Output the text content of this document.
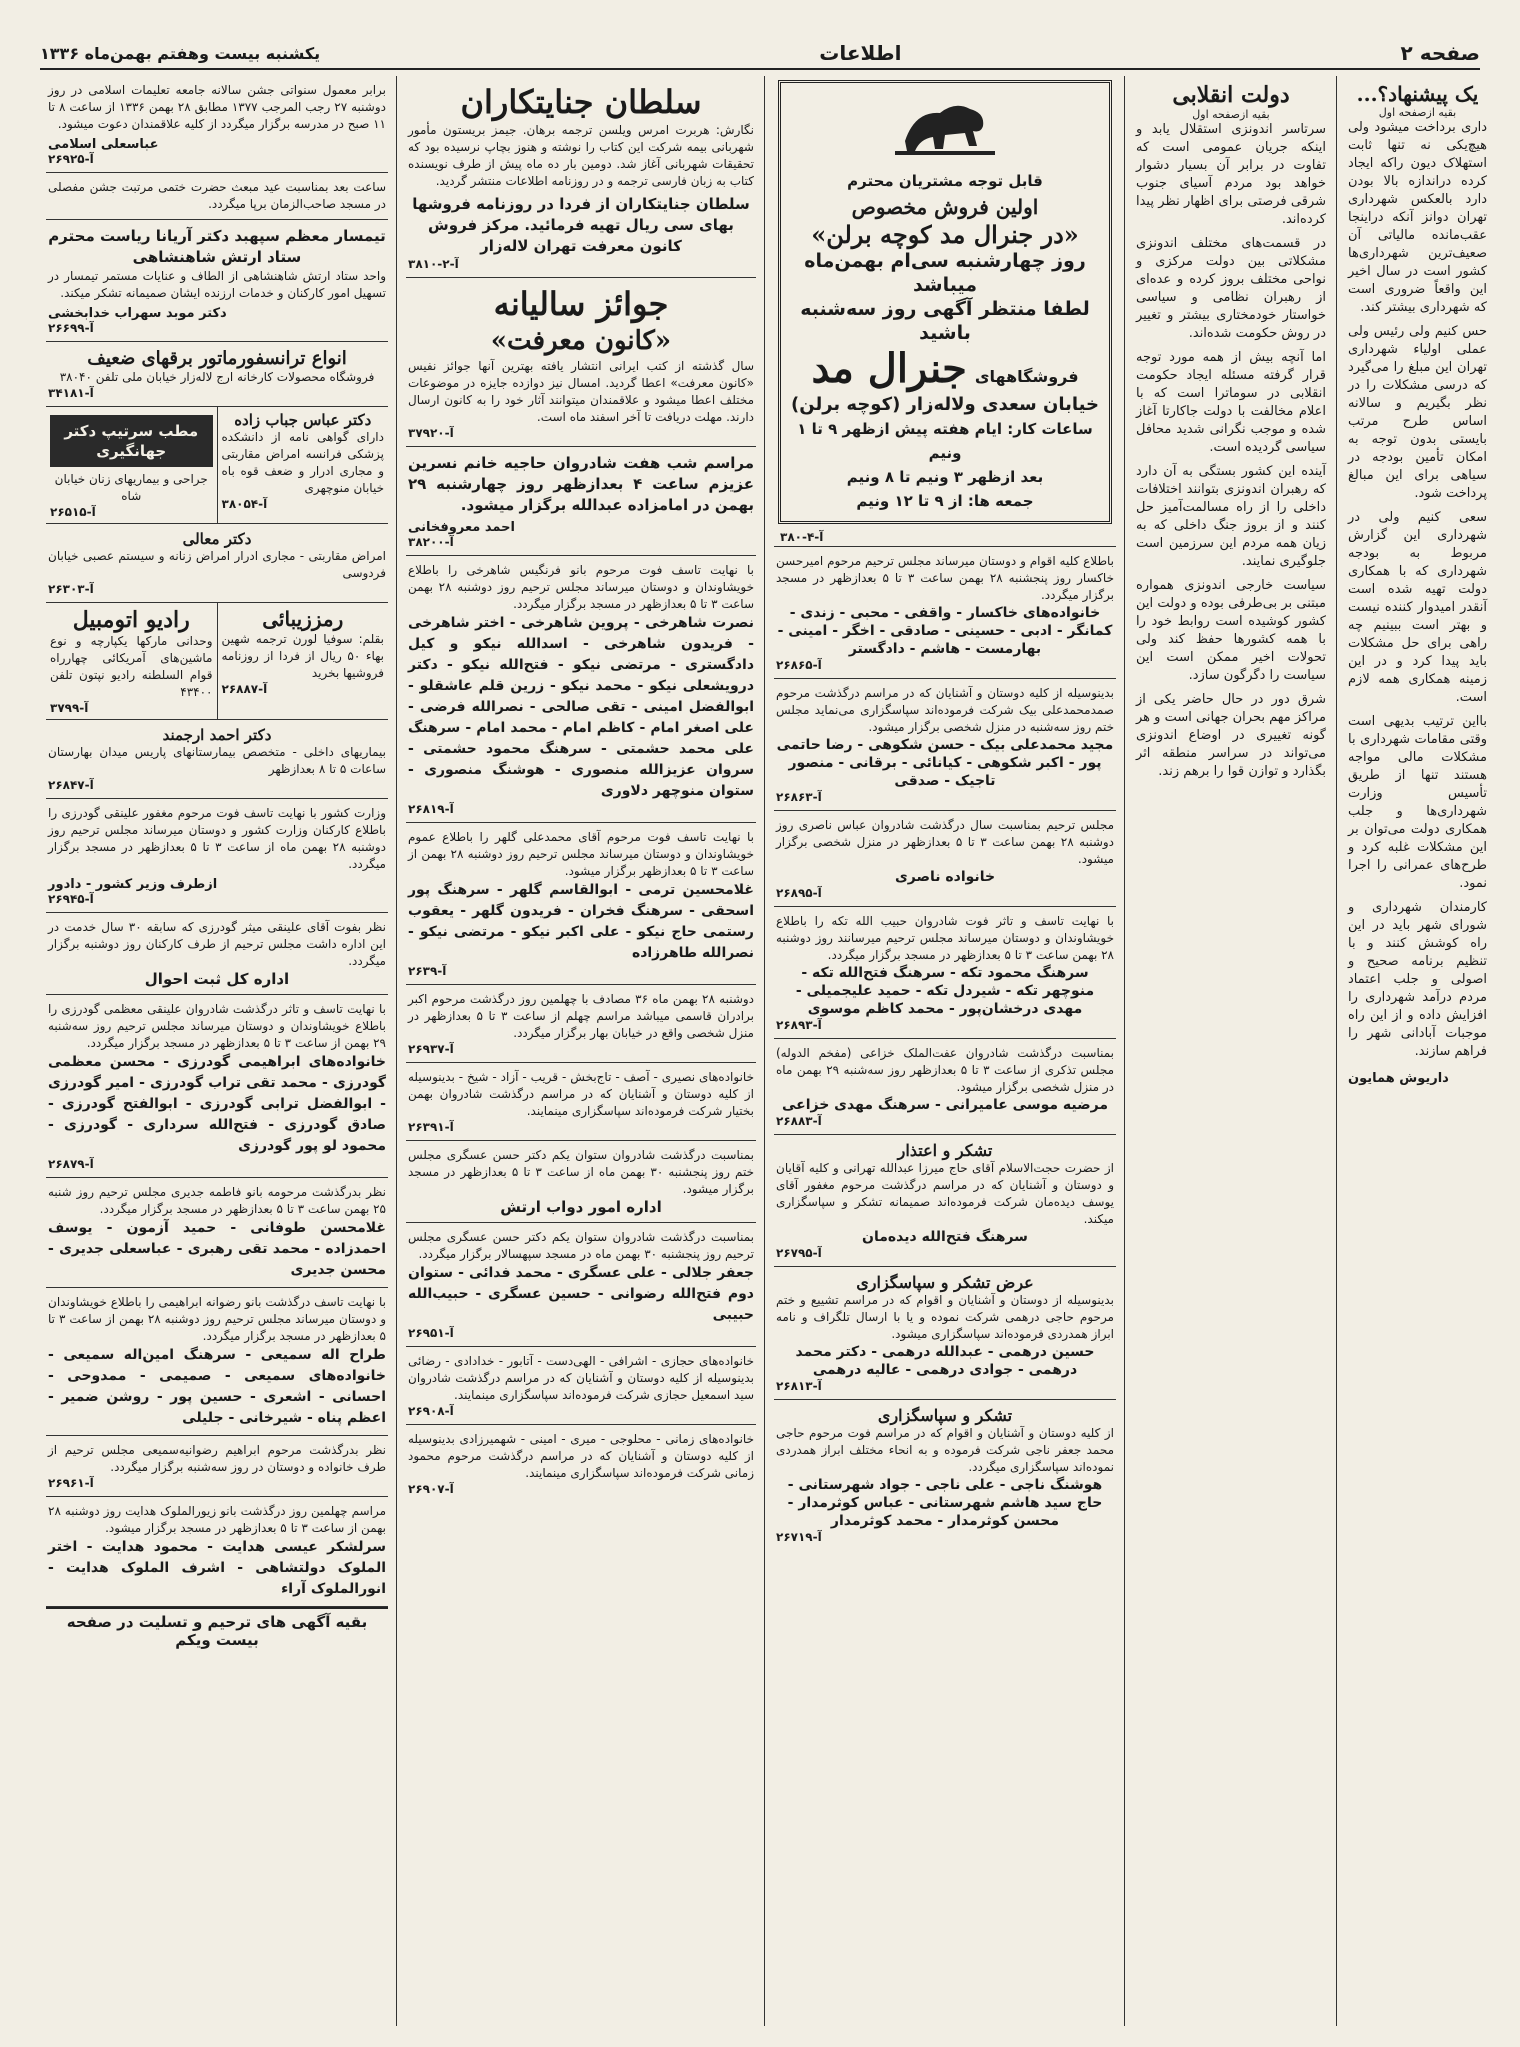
صفحه ۲
اطلاعات
یکشنبه بیست وهفتم بهمن‌ماه ۱۳۳۶
یک پیشنهاد؟...
بقیه ازصفحه اول
داری برداخت میشود ولی هیچ‌یکی نه تنها ثابت استهلاک دیون راکه ایجاد کرده دراندازه بالا بودن دارد بالعکس شهرداری تهران دوانز آنکه دراینجا عقب‌مانده مالیاتی آن صعیف‌ترین شهرداری‌ها کشور است در سال اخیر این واقعاً ضروری است که شهرداری بیشتر کند.
حس کنیم ولی رئیس ولی عملی اولیاء شهرداری تهران این مبلغ را می‌گیرد که درسی مشکلات را در نظر بگیریم و سالانه اساس طرح مرتب بایستی بدون توجه به امکان تأمین بودجه در سیاهی برای این مبالغ پرداخت شود.
سعی کنیم ولی در شهرداری این گزارش مربوط به بودجه شهرداری که با همکاری دولت تهیه شده است آنقدر امیدوار کننده نیست و بهتر است ببینیم چه راهی برای حل مشکلات باید پیدا کرد و در این زمینه همکاری همه لازم است.
بااین ترتیب بدیهی است وقتی مقامات شهرداری با مشکلات مالی مواجه هستند تنها از طریق تأسیس وزارت شهرداری‌ها و جلب همکاری دولت می‌توان بر این مشکلات غلبه کرد و طرح‌های عمرانی را اجرا نمود.
کارمندان شهرداری و شورای شهر باید در این راه کوشش کنند و با تنظیم برنامه صحیح و اصولی و جلب اعتماد مردم درآمد شهرداری را افزایش داده و از این راه موجبات آبادانی شهر را فراهم سازند.
داریوش همایون
دولت انقلابی
بقیه ازصفحه اول
سرتاسر اندونزی استقلال یابد و اینکه جریان عمومی است که تفاوت در برابر آن بسیار دشوار خواهد بود مردم آسیای جنوب شرقی فرصتی برای اظهار نظر پیدا کرده‌اند.
در قسمت‌های مختلف اندونزی مشکلاتی بین دولت مرکزی و نواحی مختلف بروز کرده و عده‌ای از رهبران نظامی و سیاسی خواستار خودمختاری بیشتر و تغییر در روش حکومت شده‌اند.
اما آنچه بیش از همه مورد توجه قرار گرفته مسئله ایجاد حکومت انقلابی در سوماترا است که با اعلام مخالفت با دولت جاکارتا آغاز شده و موجب نگرانی شدید محافل سیاسی گردیده است.
آینده این کشور بستگی به آن دارد که رهبران اندونزی بتوانند اختلافات داخلی را از راه مسالمت‌آمیز حل کنند و از بروز جنگ داخلی که به زیان همه مردم این سرزمین است جلوگیری نمایند.
سیاست خارجی اندونزی همواره مبتنی بر بی‌طرفی بوده و دولت این کشور کوشیده است روابط خود را با همه کشورها حفظ کند ولی تحولات اخیر ممکن است این سیاست را دگرگون سازد.
شرق دور در حال حاضر یکی از مراکز مهم بحران جهانی است و هر گونه تغییری در اوضاع اندونزی می‌تواند در سراسر منطقه اثر بگذارد و توازن قوا را برهم زند.
قابل توجه مشتریان محترم
اولین فروش مخصوص
«در جنرال مد کوچه برلن»
روز چهارشنبه سی‌ام بهمن‌ماه میباشد
لطفا منتظر آگهی روز سه‌شنبه باشید
فروشگاههای
جنرال مد
خیابان سعدی ولاله‌زار (کوچه برلن)
ساعات کار: ایام هفته پیش ازظهر ۹ تا ۱ ونیم
بعد ازظهر ۳ ونیم تا ۸ ونیم
جمعه ها: از ۹ تا ۱۲ ونیم
آ-۴-۳۸۰
باطلاع کلیه اقوام و دوستان میرساند مجلس ترحیم مرحوم امیرحسن خاکسار روز پنجشنبه ۲۸ بهمن ساعت ۳ تا ۵ بعدازظهر در مسجد برگزار میگردد.
خانواده‌های خاکسار - واقفی - محبی - زندی - کمانگر - ادبی - حسینی - صادقی - اخگر - امینی - بهارمست - هاشم - دادگستر
آ-۲۶۸۶۵
بدینوسیله از کلیه دوستان و آشنایان که در مراسم درگذشت مرحوم صمدمحمدعلی بیک شرکت فرموده‌اند سپاسگزاری می‌نماید مجلس ختم روز سه‌شنبه در منزل شخصی برگزار میشود.
مجید محمدعلی بیک - حسن شکوهی - رضا حاتمی پور - اکبر شکوهی - کیانائی - برقانی - منصور تاجیک - صدقی
آ-۲۶۸۶۳
مجلس ترحیم بمناسبت سال درگذشت شادروان عباس ناصری روز دوشنبه ۲۸ بهمن ساعت ۳ تا ۵ بعدازظهر در منزل شخصی برگزار میشود.
خانواده ناصری
آ-۲۶۸۹۵
با نهایت تاسف و تاثر فوت شادروان حبیب الله تکه را باطلاع خویشاوندان و دوستان میرساند مجلس ترحیم میرسانند روز دوشنبه ۲۸ بهمن ساعت ۳ تا ۵ بعدازظهر در مسجد برگزار میگردد.
سرهنگ محمود تکه - سرهنگ فتح‌الله تکه - منوچهر تکه - شیردل تکه - حمید علیجمیلی - مهدی درخشان‌پور - محمد کاظم موسوی
آ-۲۶۸۹۳
بمناسبت درگذشت شادروان عفت‌الملک خزاعی (مفخم الدوله) مجلس تذکری از ساعت ۳ تا ۵ بعدازظهر روز سه‌شنبه ۲۹ بهمن ماه در منزل شخصی برگزار میشود.
مرضیه موسی عامیرانی - سرهنگ مهدی خزاعی
آ-۲۶۸۸۳
تشکر و اعتذار
از حضرت حجت‌الاسلام آقای حاج میرزا عبدالله تهرانی و کلیه آقایان و دوستان و آشنایان که در مراسم درگذشت مرحوم مغفور آقای یوسف دیده‌مان شرکت فرموده‌اند صمیمانه تشکر و سپاسگزاری میکند.
سرهنگ فتح‌الله دیده‌مان
آ-۲۶۷۹۵
عرض تشکر و سپاسگزاری
بدینوسیله از دوستان و آشنایان و اقوام که در مراسم تشییع و ختم مرحوم حاجی درهمی شرکت نموده و یا با ارسال تلگراف و نامه ابراز همدردی فرموده‌اند سپاسگزاری میشود.
حسین درهمی - عبدالله درهمی - دکتر محمد درهمی - جوادی درهمی - عالیه درهمی
آ-۲۶۸۱۳
تشکر و سپاسگزاری
از کلیه دوستان و آشنایان و اقوام که در مراسم فوت مرحوم حاجی محمد جعفر ناجی شرکت فرموده و به انحاء مختلف ابراز همدردی نموده‌اند سپاسگزاری میگردد.
هوشنگ ناجی - علی ناجی - جواد شهرستانی - حاج سید هاشم شهرستانی - عباس کوثرمدار - محسن کوثرمدار - محمد کوثرمدار
آ-۲۶۷۱۹
سلطان جنایتکاران
نگارش: هربرت امرس ویلسن ترجمه برهان. جیمز بریستون مأمور شهربانی بیمه شرکت این کتاب را نوشته و هنوز بچاپ نرسیده بود که تحقیقات شهربانی آغاز شد. دومین بار ده ماه پیش از طرف نویسنده کتاب به زبان فارسی ترجمه و در روزنامه اطلاعات منتشر گردید.
سلطان جنایتکاران از فردا در روزنامه فروشها بهای سی ریال تهیه فرمائید. مرکز فروش کانون معرفت تهران لاله‌زار
آ-۲-۳۸۱۰
جوائز سالیانه
«کانون معرفت»
سال گذشته از کتب ایرانی انتشار یافته بهترین آنها جوائز نفیس «کانون معرفت» اعطا گردید. امسال نیز دوازده جایزه در موضوعات مختلف اعطا میشود و علاقمندان میتوانند آثار خود را به کانون ارسال دارند. مهلت دریافت تا آخر اسفند ماه است.
آ-۳۷۹۲۰
مراسم شب هفت شادروان حاجیه خانم نسرین عزیزم ساعت ۴ بعدازظهر روز چهارشنبه ۲۹ بهمن در امامزاده عبدالله برگزار میشود.
احمد معروفخانی
آ-۳۸۲۰۰
با نهایت تاسف فوت مرحوم بانو فرنگیس شاهرخی را باطلاع خویشاوندان و دوستان میرساند مجلس ترحیم روز دوشنبه ۲۸ بهمن ساعت ۳ تا ۵ بعدازظهر در مسجد برگزار میگردد.
نصرت شاهرخی - پروین شاهرخی - اختر شاهرخی - فریدون شاهرخی - اسدالله نیکو و کیل دادگستری - مرتضی نیکو - فتح‌الله نیکو - دکتر درویشعلی نیکو - محمد نیکو - زرین قلم عاشقلو - ابوالفضل امینی - تقی صالحی - نصرالله فرضی - علی اصغر امام - کاظم امام - محمد امام - سرهنگ علی محمد حشمتی - سرهنگ محمود حشمتی - سروان عزیزالله منصوری - هوشنگ منصوری - ستوان منوچهر دلاوری
آ-۲۶۸۱۹
با نهایت تاسف فوت مرحوم آقای محمدعلی گلهر را باطلاع عموم خویشاوندان و دوستان میرساند مجلس ترحیم روز دوشنبه ۲۸ بهمن از ساعت ۳ تا ۵ بعدازظهر برگزار میشود.
غلامحسین ترمی - ابوالقاسم گلهر - سرهنگ پور اسحقی - سرهنگ فخران - فریدون گلهر - یعقوب رستمی حاج نیکو - علی اکبر نیکو - مرتضی نیکو - نصرالله طاهرزاده
آ-۲۶۳۹
دوشنبه ۲۸ بهمن ماه ۳۶ مصادف با چهلمین روز درگذشت مرحوم اکبر برادران قاسمی میباشد مراسم چهلم از ساعت ۳ تا ۵ بعدازظهر در منزل شخصی واقع در خیابان بهار برگزار میگردد.
آ-۲۶۹۳۷
خانواده‌های نصیری - آصف - تاج‌بخش - قریب - آزاد - شیخ - بدینوسیله از کلیه دوستان و آشنایان که در مراسم درگذشت شادروان بهمن بختیار شرکت فرموده‌اند سپاسگزاری مینمایند.
آ-۲۶۳۹۱
بمناسبت درگذشت شادروان ستوان یکم دکتر حسن عسگری مجلس ختم روز پنجشنبه ۳۰ بهمن ماه از ساعت ۳ تا ۵ بعدازظهر در مسجد برگزار میشود.
اداره امور دواب ارتش
بمناسبت درگذشت شادروان ستوان یکم دکتر حسن عسگری مجلس ترحیم روز پنجشنبه ۳۰ بهمن ماه در مسجد سپهسالار برگزار میگردد.
جعفر جلالی - علی عسگری - محمد فدائی - ستوان دوم فتح‌الله رضوانی - حسین عسگری - حبیب‌الله حبیبی
آ-۲۶۹۵۱
خانواده‌های حجازی - اشرافی - الهی‌دست - آتابور - خدادادی - رضائی بدینوسیله از کلیه دوستان و آشنایان که در مراسم درگذشت شادروان سید اسمعیل حجازی شرکت فرموده‌اند سپاسگزاری مینمایند.
آ-۲۶۹۰۸
خانواده‌های زمانی - محلوجی - میری - امینی - شهمیرزادی بدینوسیله از کلیه دوستان و آشنایان که در مراسم درگذشت مرحوم محمود زمانی شرکت فرموده‌اند سپاسگزاری مینمایند.
آ-۲۶۹۰۷
برابر معمول سنواتی جشن سالانه جامعه تعلیمات اسلامی در روز دوشنبه ۲۷ رجب المرجب ۱۳۷۷ مطابق ۲۸ بهمن ۱۳۳۶ از ساعت ۸ تا ۱۱ صبح در مدرسه برگزار میگردد از کلیه علاقمندان دعوت میشود.
عباسعلی اسلامی
آ-۲۶۹۲۵
ساعت بعد بمناسبت عید مبعث حضرت ختمی مرتبت جشن مفصلی در مسجد صاحب‌الزمان برپا میگردد.
تیمسار معظم سپهبد دکتر آریانا ریاست محترم ستاد ارتش شاهنشاهی
واحد ستاد ارتش شاهنشاهی از الطاف و عنایات مستمر تیمسار در تسهیل امور کارکنان و خدمات ارزنده ایشان صمیمانه تشکر میکند.
دکتر موبد سهراب خدابخشی
آ-۲۶۶۹۹
انواع ترانسفورماتور برقهای ضعیف
فروشگاه محصولات کارخانه ارج لاله‌زار خیابان ملی تلفن ۳۸۰۴۰
آ-۳۴۱۸۱
دکتر عباس جباب زاده
دارای گواهی نامه از دانشکده پزشکی فرانسه امراض مقاربتی و مجاری ادرار و ضعف قوه باه خیابان منوچهری
آ-۳۸۰۵۴
مطب سرتیپ دکتر جهانگیری
جراحی و بیماریهای زنان خیابان شاه
آ-۲۶۵۱۵
دکتر معالی
امراض مقاربتی - مجاری ادرار امراض زنانه و سیستم عصبی خیابان فردوسی
آ-۲۶۳۰۳
رمززیبائی
بقلم: سوفیا لورن ترجمه شهین بهاء ۵۰ ریال از فردا از روزنامه فروشیها بخرید
آ-۲۶۸۸۷
رادیو اتومبیل
وحدانی مارکها یکپارچه و نوع ماشین‌های آمریکائی چهارراه قوام السلطنه رادیو نپتون تلفن ۴۳۴۰۰
آ-۳۷۹۹
دکتر احمد ارجمند
بیماریهای داخلی - متخصص بیمارستانهای پاریس میدان بهارستان ساعات ۵ تا ۸ بعدازظهر
آ-۲۶۸۴۷
وزارت کشور با نهایت تاسف فوت مرحوم مغفور علینقی گودرزی را باطلاع کارکنان وزارت کشور و دوستان میرساند مجلس ترحیم روز دوشنبه ۲۸ بهمن ماه از ساعت ۳ تا ۵ بعدازظهر در مسجد برگزار میگردد.
ازطرف وزیر کشور - دادور
آ-۲۶۹۴۵
نظر بفوت آقای علینقی میثر گودرزی که سابقه ۳۰ سال خدمت در این اداره داشت مجلس ترحیم از طرف کارکنان روز دوشنبه برگزار میگردد.
اداره کل ثبت احوال
با نهایت تاسف و تاثر درگذشت شادروان علینقی معظمی گودرزی را باطلاع خویشاوندان و دوستان میرساند مجلس ترحیم روز سه‌شنبه ۲۹ بهمن از ساعت ۳ تا ۵ بعدازظهر در مسجد برگزار میگردد.
خانواده‌های ابراهیمی گودرزی - محسن معظمی گودرزی - محمد تقی تراب گودرزی - امیر گودرزی - ابوالفضل ترابی گودرزی - ابوالفتح گودرزی - صادق گودرزی - فتح‌الله سرداری - گودرزی - محمود لو پور گودرزی
آ-۲۶۸۷۹
نظر بدرگذشت مرحومه بانو فاطمه جدیری مجلس ترحیم روز شنبه ۲۵ بهمن ساعت ۳ تا ۵ بعدازظهر در مسجد برگزار میگردد.
غلامحسن طوفانی - حمید آزمون - یوسف احمدزاده - محمد تقی رهبری - عباسعلی جدیری - محسن جدیری
با نهایت تاسف درگذشت بانو رضوانه ابراهیمی را باطلاع خویشاوندان و دوستان میرساند مجلس ترحیم روز دوشنبه ۲۸ بهمن از ساعت ۳ تا ۵ بعدازظهر در مسجد برگزار میگردد.
طراح اله سمیعی - سرهنگ امین‌اله سمیعی - خانواده‌های سمیعی - صمیمی - ممدوحی - احسانی - اشعری - حسین پور - روشن ضمیر - اعظم پناه - شیرخانی - جلیلی
نظر بدرگذشت مرحوم ابراهیم رضوانیه‌سمیعی مجلس ترحیم از طرف خانواده و دوستان در روز سه‌شنبه برگزار میگردد.
آ-۲۶۹۶۱
مراسم چهلمین روز درگذشت بانو زیورالملوک هدایت روز دوشنبه ۲۸ بهمن از ساعت ۳ تا ۵ بعدازظهر در مسجد برگزار میشود.
سرلشکر عیسی هدایت - محمود هدایت - اختر الملوک دولتشاهی - اشرف الملوک هدایت - انورالملوک آراء
بقیه آگهی های ترحیم و تسلیت در صفحه بیست ویکم
